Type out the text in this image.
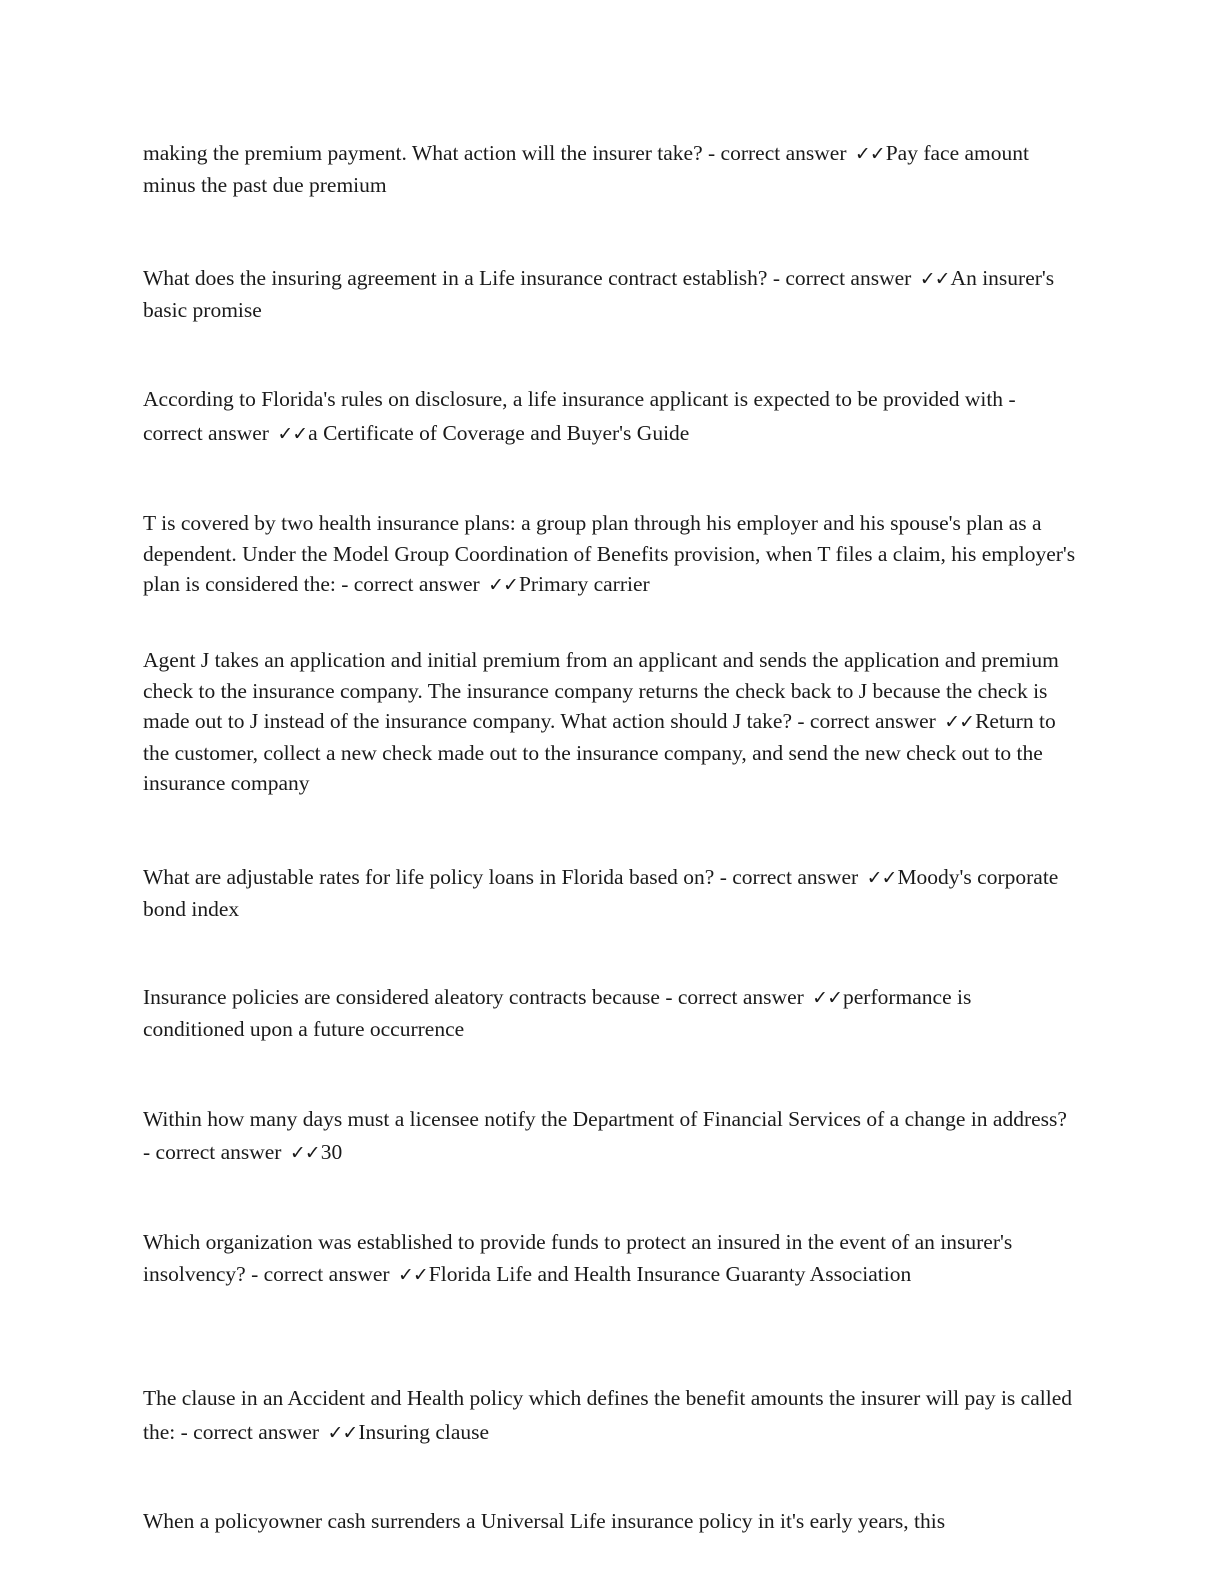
making the premium payment. What action will the insurer take? - correct answer ✓✓Pay face amount minus the past due premium

What does the insuring agreement in a Life insurance contract establish? - correct answer ✓✓An insurer's basic promise

According to Florida's rules on disclosure, a life insurance applicant is expected to be provided with - correct answer ✓✓a Certificate of Coverage and Buyer's Guide

T is covered by two health insurance plans: a group plan through his employer and his spouse's plan as a dependent. Under the Model Group Coordination of Benefits provision, when T files a claim, his employer's plan is considered the: - correct answer ✓✓Primary carrier

Agent J takes an application and initial premium from an applicant and sends the application and premium check to the insurance company. The insurance company returns the check back to J because the check is made out to J instead of the insurance company. What action should J take? - correct answer ✓✓Return to the customer, collect a new check made out to the insurance company, and send the new check out to the insurance company

What are adjustable rates for life policy loans in Florida based on? - correct answer ✓✓Moody's corporate bond index

Insurance policies are considered aleatory contracts because - correct answer ✓✓performance is conditioned upon a future occurrence

Within how many days must a licensee notify the Department of Financial Services of a change in address? - correct answer ✓✓30

Which organization was established to provide funds to protect an insured in the event of an insurer's insolvency? - correct answer ✓✓Florida Life and Health Insurance Guaranty Association

The clause in an Accident and Health policy which defines the benefit amounts the insurer will pay is called the: - correct answer ✓✓Insuring clause

When a policyowner cash surrenders a Universal Life insurance policy in it's early years, this
